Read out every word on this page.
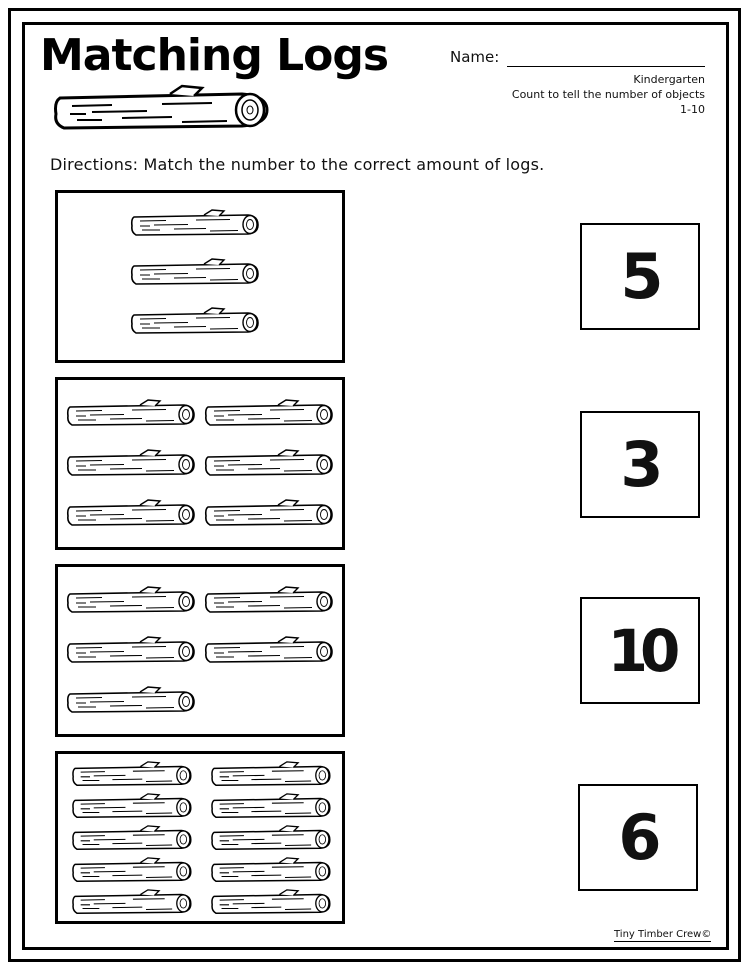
Matching Logs	Name:
Kindergarten
Count to tell the number of objects
1-10
Directions: Match the number to the correct amount of logs.
5
3
10
6
Tiny Timber Crew©
